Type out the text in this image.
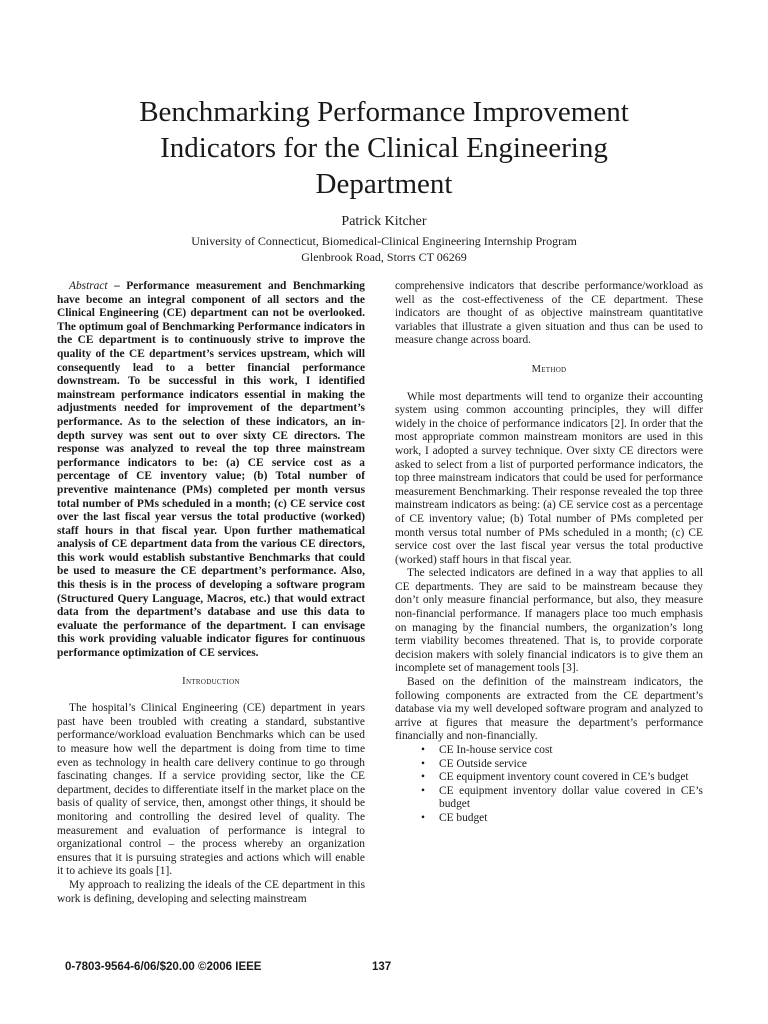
Benchmarking Performance Improvement Indicators for the Clinical Engineering Department
Patrick Kitcher
University of Connecticut, Biomedical-Clinical Engineering Internship Program
Glenbrook Road, Storrs CT 06269

Abstract – Performance measurement and Benchmarking have become an integral component of all sectors and the Clinical Engineering (CE) department can not be overlooked. The optimum goal of Benchmarking Performance indicators in the CE department is to continuously strive to improve the quality of the CE department’s services upstream, which will consequently lead to a better financial performance downstream. To be successful in this work, I identified mainstream performance indicators essential in making the adjustments needed for improvement of the department’s performance. As to the selection of these indicators, an in-depth survey was sent out to over sixty CE directors. The response was analyzed to reveal the top three mainstream performance indicators to be: (a) CE service cost as a percentage of CE inventory value; (b) Total number of preventive maintenance (PMs) completed per month versus total number of PMs scheduled in a month; (c) CE service cost over the last fiscal year versus the total productive (worked) staff hours in that fiscal year. Upon further mathematical analysis of CE department data from the various CE directors, this work would establish substantive Benchmarks that could be used to measure the CE department’s performance. Also, this thesis is in the process of developing a software program (Structured Query Language, Macros, etc.) that would extract data from the department’s database and use this data to evaluate the performance of the department. I can envisage this work providing valuable indicator figures for continuous performance optimization of CE services.

Introduction

The hospital’s Clinical Engineering (CE) department in years past have been troubled with creating a standard, substantive performance/workload evaluation Benchmarks which can be used to measure how well the department is doing from time to time even as technology in health care delivery continue to go through fascinating changes. If a service providing sector, like the CE department, decides to differentiate itself in the market place on the basis of quality of service, then, amongst other things, it should be monitoring and controlling the desired level of quality. The measurement and evaluation of performance is integral to organizational control – the process whereby an organization ensures that it is pursuing strategies and actions which will enable it to achieve its goals [1].

My approach to realizing the ideals of the CE department in this work is defining, developing and selecting mainstream

comprehensive indicators that describe performance/workload as well as the cost-effectiveness of the CE department. These indicators are thought of as objective mainstream quantitative variables that illustrate a given situation and thus can be used to measure change across board.

Method

While most departments will tend to organize their accounting system using common accounting principles, they will differ widely in the choice of performance indicators [2]. In order that the most appropriate common mainstream monitors are used in this work, I adopted a survey technique. Over sixty CE directors were asked to select from a list of purported performance indicators, the top three mainstream indicators that could be used for performance measurement Benchmarking. Their response revealed the top three mainstream indicators as being: (a) CE service cost as a percentage of CE inventory value; (b) Total number of PMs completed per month versus total number of PMs scheduled in a month; (c) CE service cost over the last fiscal year versus the total productive (worked) staff hours in that fiscal year.

The selected indicators are defined in a way that applies to all CE departments. They are said to be mainstream because they don’t only measure financial performance, but also, they measure non-financial performance. If managers place too much emphasis on managing by the financial numbers, the organization’s long term viability becomes threatened. That is, to provide corporate decision makers with solely financial indicators is to give them an incomplete set of management tools [3].

Based on the definition of the mainstream indicators, the following components are extracted from the CE department’s database via my well developed software program and analyzed to arrive at figures that measure the department’s performance financially and non-financially.

• CE In-house service cost
• CE Outside service
• CE equipment inventory count covered in CE’s budget
• CE equipment inventory dollar value covered in CE’s budget
• CE budget
0-7803-9564-6/06/$20.00 ©2006 IEEE	137
